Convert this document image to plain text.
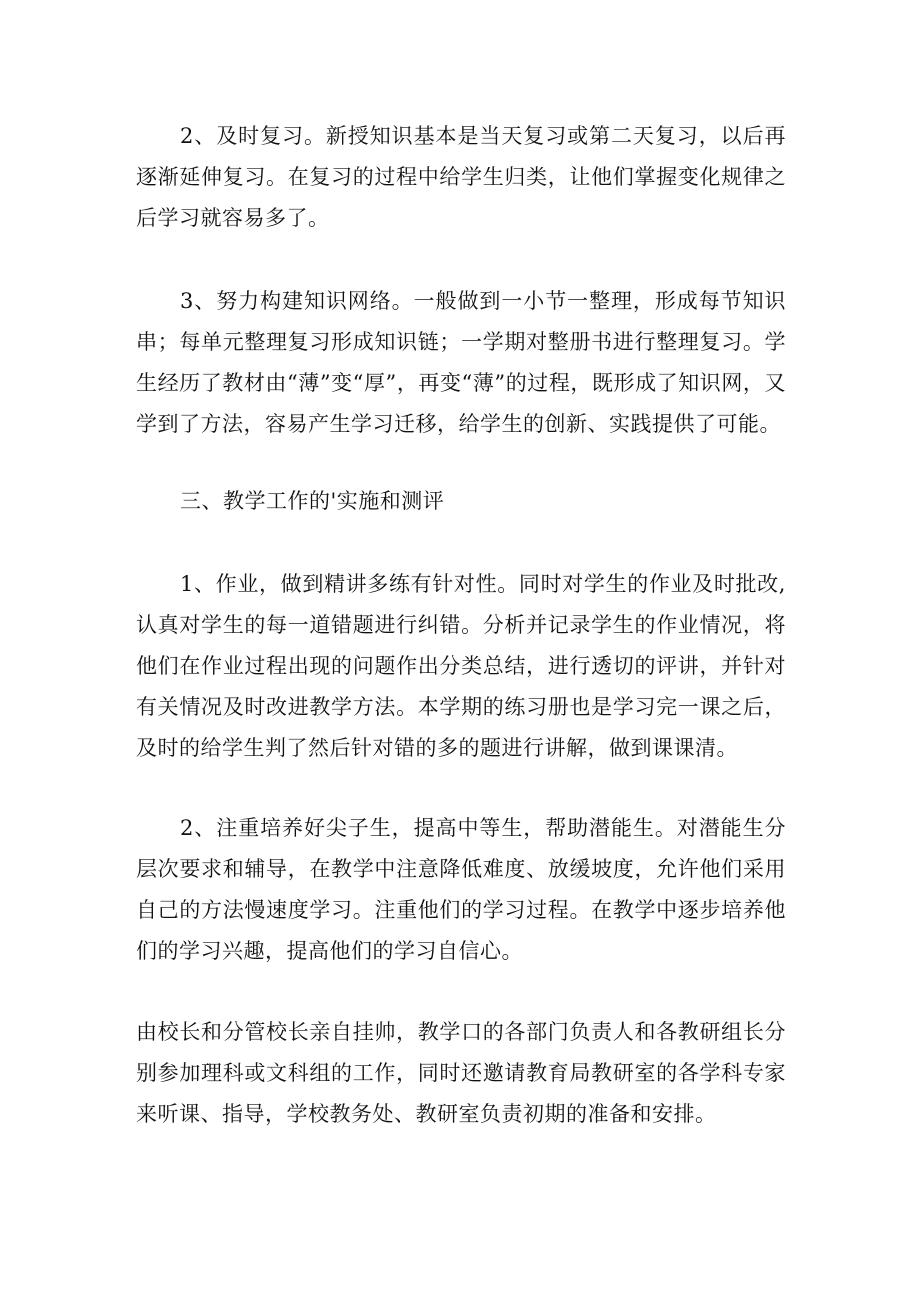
2、及时复习。新授知识基本是当天复习或第二天复习，以后再逐渐延伸复习。在复习的过程中给学生归类，让他们掌握变化规律之后学习就容易多了。

3、努力构建知识网络。一般做到一小节一整理，形成每节知识串；每单元整理复习形成知识链；一学期对整册书进行整理复习。学生经历了教材由“薄”变“厚”，再变“薄”的过程，既形成了知识网，又学到了方法，容易产生学习迁移，给学生的创新、实践提供了可能。

三、教学工作的'实施和测评

1、作业，做到精讲多练有针对性。同时对学生的作业及时批改,认真对学生的每一道错题进行纠错。分析并记录学生的作业情况，将他们在作业过程出现的问题作出分类总结，进行透切的评讲，并针对有关情况及时改进教学方法。本学期的练习册也是学习完一课之后，及时的给学生判了然后针对错的多的题进行讲解，做到课课清。

2、注重培养好尖子生，提高中等生，帮助潜能生。对潜能生分层次要求和辅导，在教学中注意降低难度、放缓坡度，允许他们采用自己的方法慢速度学习。注重他们的学习过程。在教学中逐步培养他们的学习兴趣，提高他们的学习自信心。

由校长和分管校长亲自挂帅，教学口的各部门负责人和各教研组长分别参加理科或文科组的工作，同时还邀请教育局教研室的各学科专家来听课、指导，学校教务处、教研室负责初期的准备和安排。
